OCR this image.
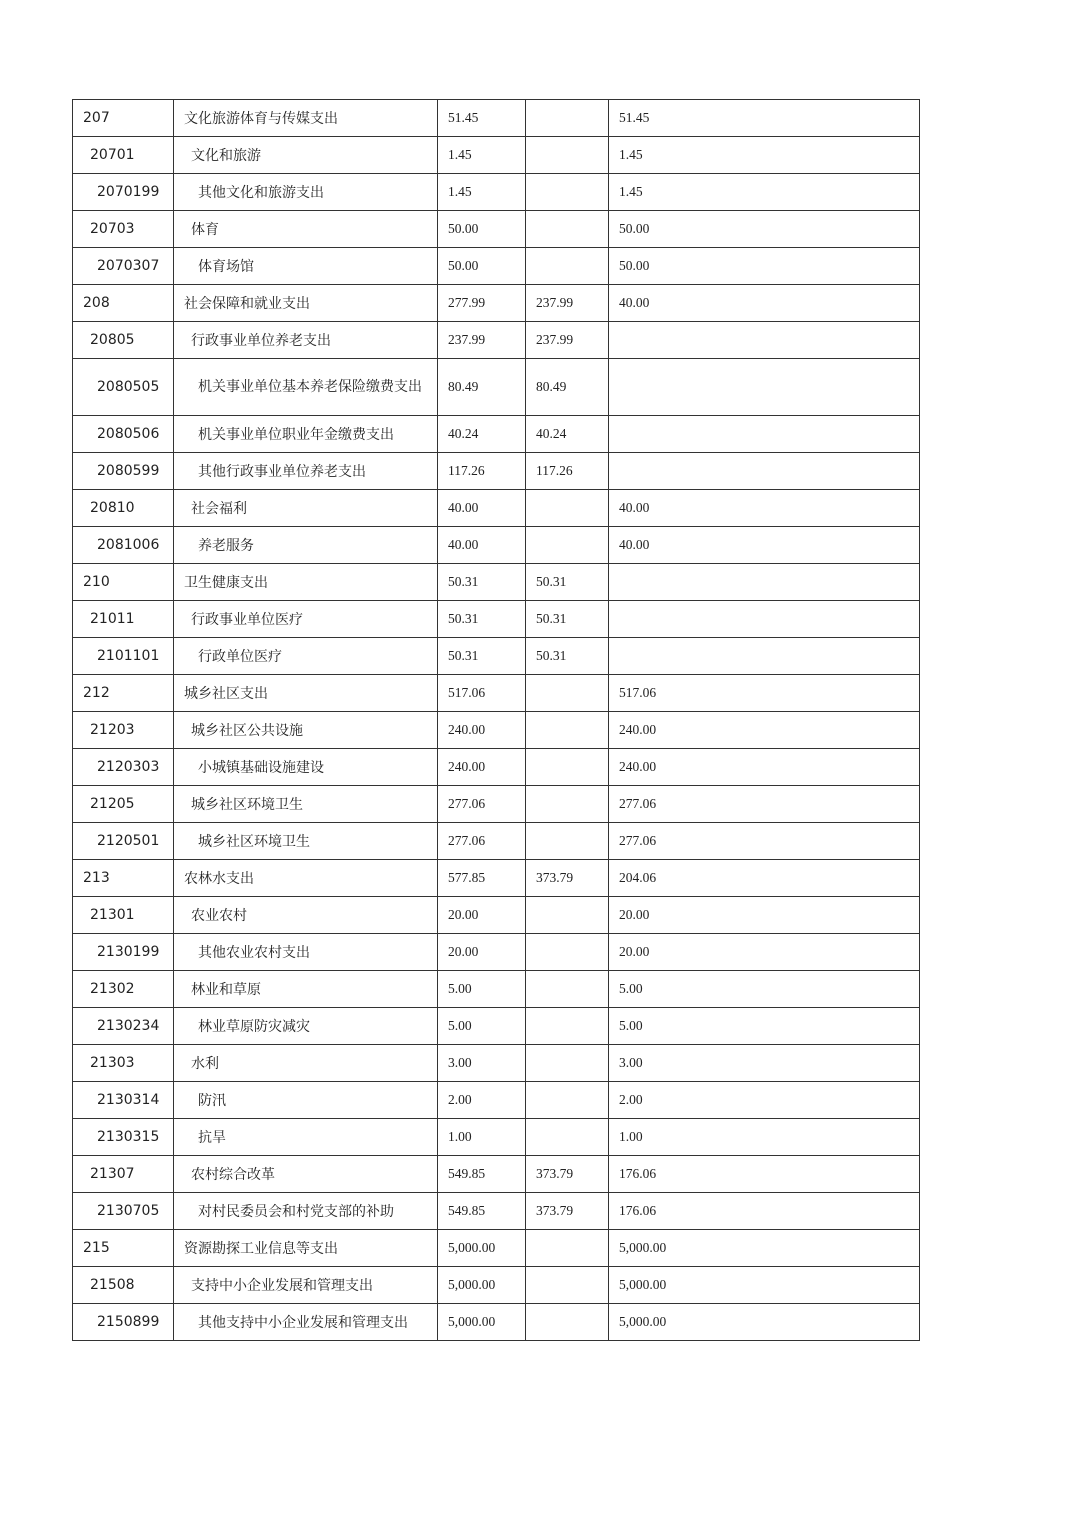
207	文化旅游体育与传媒支出	51.45		51.45
20701	文化和旅游	1.45		1.45
2070199	其他文化和旅游支出	1.45		1.45
20703	体育	50.00		50.00
2070307	体育场馆	50.00		50.00
208	社会保障和就业支出	277.99	237.99	40.00
20805	行政事业单位养老支出	237.99	237.99	
2080505	机关事业单位基本养老保险缴费支出	80.49	80.49	
2080506	机关事业单位职业年金缴费支出	40.24	40.24	
2080599	其他行政事业单位养老支出	117.26	117.26	
20810	社会福利	40.00		40.00
2081006	养老服务	40.00		40.00
210	卫生健康支出	50.31	50.31	
21011	行政事业单位医疗	50.31	50.31	
2101101	行政单位医疗	50.31	50.31	
212	城乡社区支出	517.06		517.06
21203	城乡社区公共设施	240.00		240.00
2120303	小城镇基础设施建设	240.00		240.00
21205	城乡社区环境卫生	277.06		277.06
2120501	城乡社区环境卫生	277.06		277.06
213	农林水支出	577.85	373.79	204.06
21301	农业农村	20.00		20.00
2130199	其他农业农村支出	20.00		20.00
21302	林业和草原	5.00		5.00
2130234	林业草原防灾减灾	5.00		5.00
21303	水利	3.00		3.00
2130314	防汛	2.00		2.00
2130315	抗旱	1.00		1.00
21307	农村综合改革	549.85	373.79	176.06
2130705	对村民委员会和村党支部的补助	549.85	373.79	176.06
215	资源勘探工业信息等支出	5,000.00		5,000.00
21508	支持中小企业发展和管理支出	5,000.00		5,000.00
2150899	其他支持中小企业发展和管理支出	5,000.00		5,000.00
